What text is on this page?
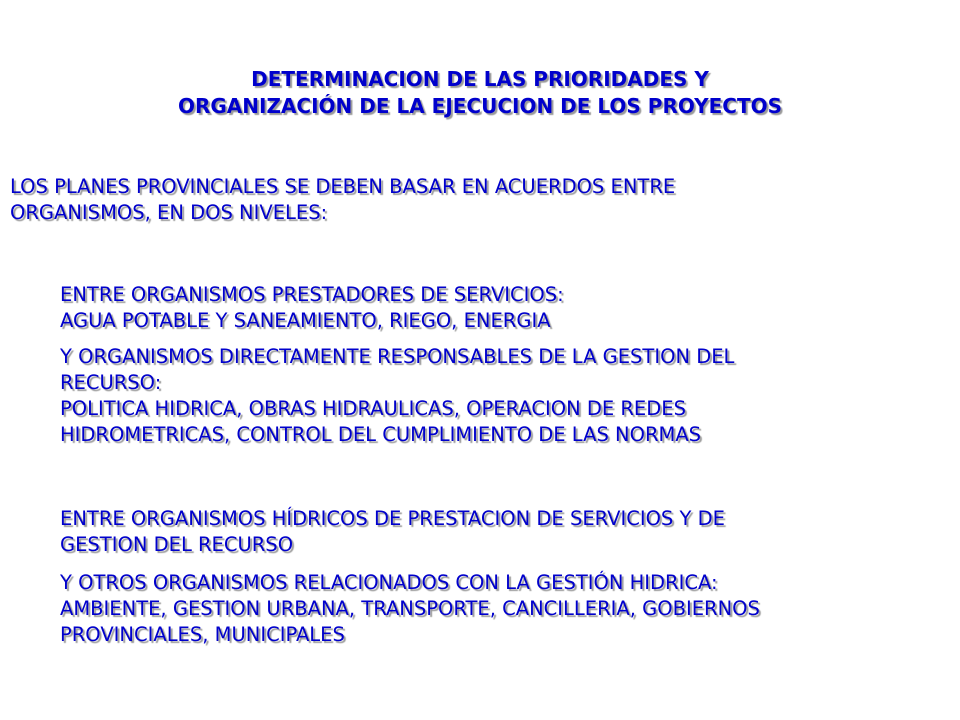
DETERMINACION DE LAS PRIORIDADES Y
ORGANIZACIÓN DE LA EJECUCION DE LOS PROYECTOS
LOS PLANES PROVINCIALES SE DEBEN BASAR EN ACUERDOS ENTRE
ORGANISMOS, EN DOS NIVELES:
ENTRE ORGANISMOS PRESTADORES DE SERVICIOS:
AGUA POTABLE Y SANEAMIENTO, RIEGO, ENERGIA
Y ORGANISMOS DIRECTAMENTE RESPONSABLES DE LA GESTION DEL
RECURSO:
POLITICA HIDRICA, OBRAS HIDRAULICAS, OPERACION DE REDES
HIDROMETRICAS, CONTROL DEL CUMPLIMIENTO DE LAS NORMAS
ENTRE ORGANISMOS HÍDRICOS DE PRESTACION DE SERVICIOS Y DE
GESTION DEL RECURSO
Y OTROS ORGANISMOS RELACIONADOS CON LA GESTIÓN HIDRICA:
AMBIENTE, GESTION URBANA, TRANSPORTE, CANCILLERIA, GOBIERNOS
PROVINCIALES, MUNICIPALES
